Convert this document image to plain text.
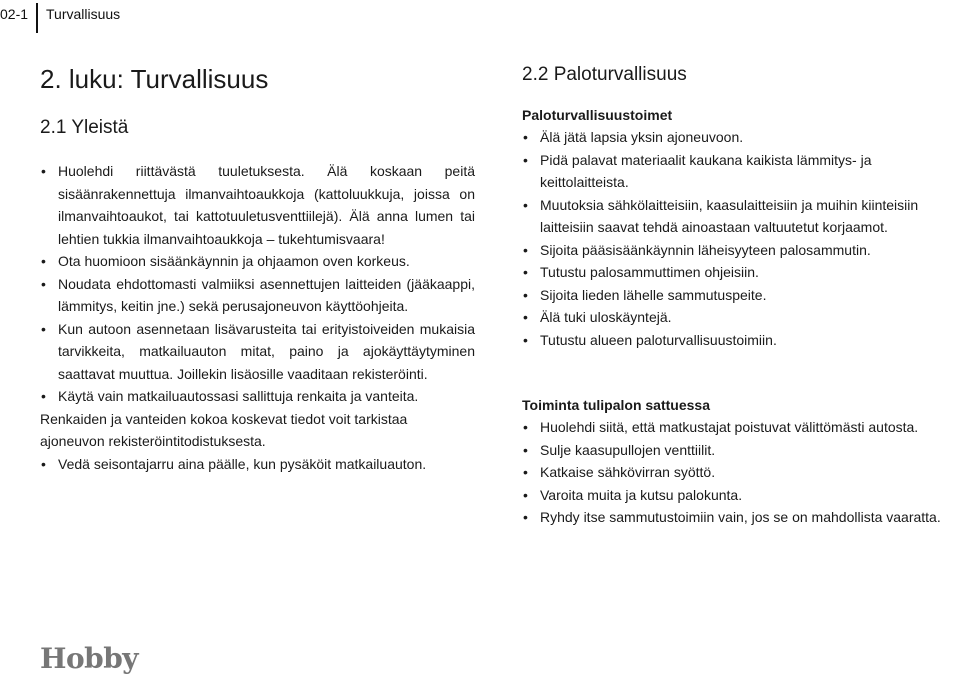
02-1 Turvallisuus
2. luku: Turvallisuus
2.1 Yleistä
• Huolehdi riittävästä tuuletuksesta. Älä koskaan peitä sisäänrakennettuja ilmanvaihtoaukkoja (kattoluukkuja, joissa on ilmanvaihtoaukot, tai kattotuuletusventtiilejä). Älä anna lumen tai lehtien tukkia ilmanvaihtoaukkoja – tukehtumisvaara!
• Ota huomioon sisäänkäynnin ja ohjaamon oven korkeus.
• Noudata ehdottomasti valmiiksi asennettujen laitteiden (jääkaappi, lämmitys, keitin jne.) sekä perusajoneuvon käyttöohjeita.
• Kun autoon asennetaan lisävarusteita tai erityistoiveiden mukaisia tarvikkeita, matkailuauton mitat, paino ja ajokäyttäytyminen saattavat muuttua. Joillekin lisäosille vaaditaan rekisteröinti.
• Käytä vain matkailuautossasi sallittuja renkaita ja vanteita.
Renkaiden ja vanteiden kokoa koskevat tiedot voit tarkistaa ajoneuvon rekisteröintitodistuksesta.
• Vedä seisontajarru aina päälle, kun pysäköit matkailuauton.
2.2 Paloturvallisuus
Paloturvallisuustoimet
• Älä jätä lapsia yksin ajoneuvoon.
• Pidä palavat materiaalit kaukana kaikista lämmitys- ja keittolaitteista.
• Muutoksia sähkölaitteisiin, kaasulaitteisiin ja muihin kiinteisiin laitteisiin saavat tehdä ainoastaan valtuutetut korjaamot.
• Sijoita pääsisäänkäynnin läheisyyteen palosammutin.
• Tutustu palosammuttimen ohjeisiin.
• Sijoita lieden lähelle sammutuspeite.
• Älä tuki uloskäyntejä.
• Tutustu alueen paloturvallisuustoimiin.
Toiminta tulipalon sattuessa
• Huolehdi siitä, että matkustajat poistuvat välittömästi autosta.
• Sulje kaasupullojen venttiilit.
• Katkaise sähkövirran syöttö.
• Varoita muita ja kutsu palokunta.
• Ryhdy itse sammutustoimiin vain, jos se on mahdollista vaaratta.
Hobby
